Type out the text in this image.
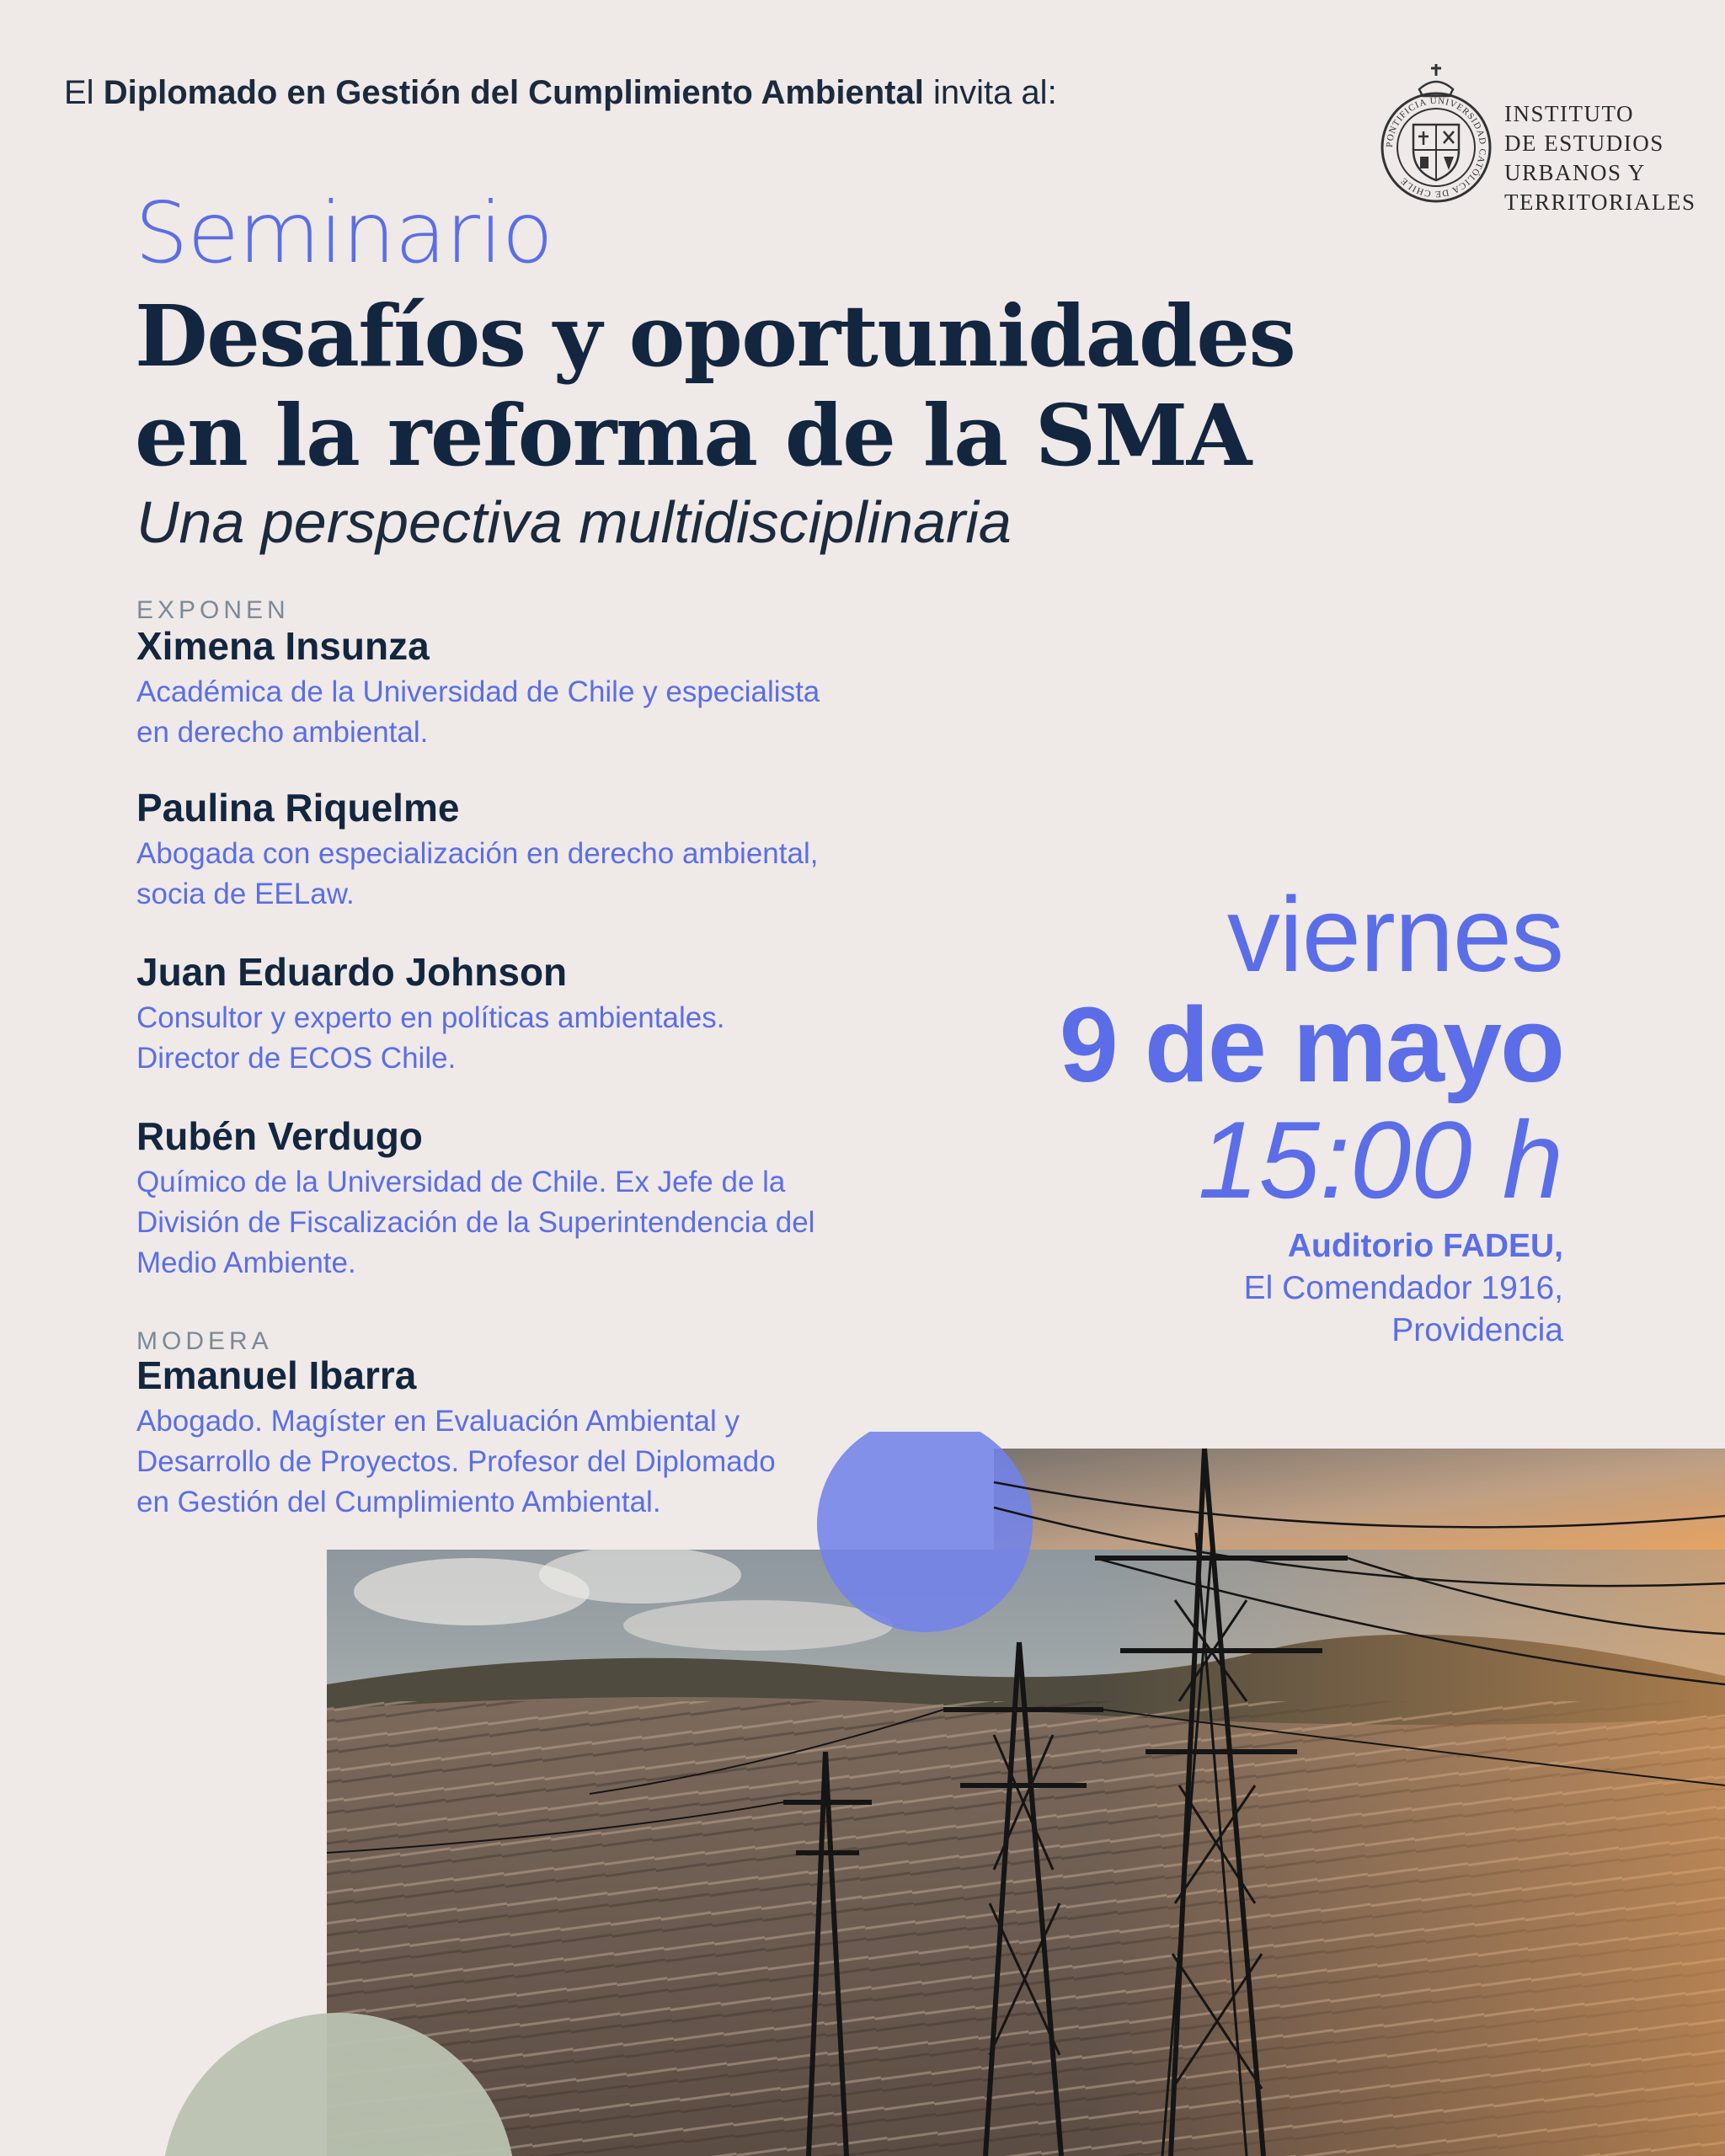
El Diplomado en Gestión del Cumplimiento Ambiental invita al:
PONTIFICIA UNIVERSIDAD CATÓLICA DE CHILE
INSTITUTO
DE ESTUDIOS
URBANOS Y
TERRITORIALES
Seminario
Desafíos y oportunidades
en la reforma de la SMA
Una perspectiva multidisciplinaria
EXPONEN
Ximena Insunza
Académica de la Universidad de Chile y especialista
en derecho ambiental.
Paulina Riquelme
Abogada con especialización en derecho ambiental,
socia de EELaw.
Juan Eduardo Johnson
Consultor y experto en políticas ambientales.
Director de ECOS Chile.
Rubén Verdugo
Químico de la Universidad de Chile. Ex Jefe de la
División de Fiscalización de la Superintendencia del
Medio Ambiente.
MODERA
Emanuel Ibarra
Abogado. Magíster en Evaluación Ambiental y
Desarrollo de Proyectos. Profesor del Diplomado
en Gestión del Cumplimiento Ambiental.
viernes
9 de mayo
15:00 h
Auditorio FADEU,
El Comendador 1916,
Providencia
